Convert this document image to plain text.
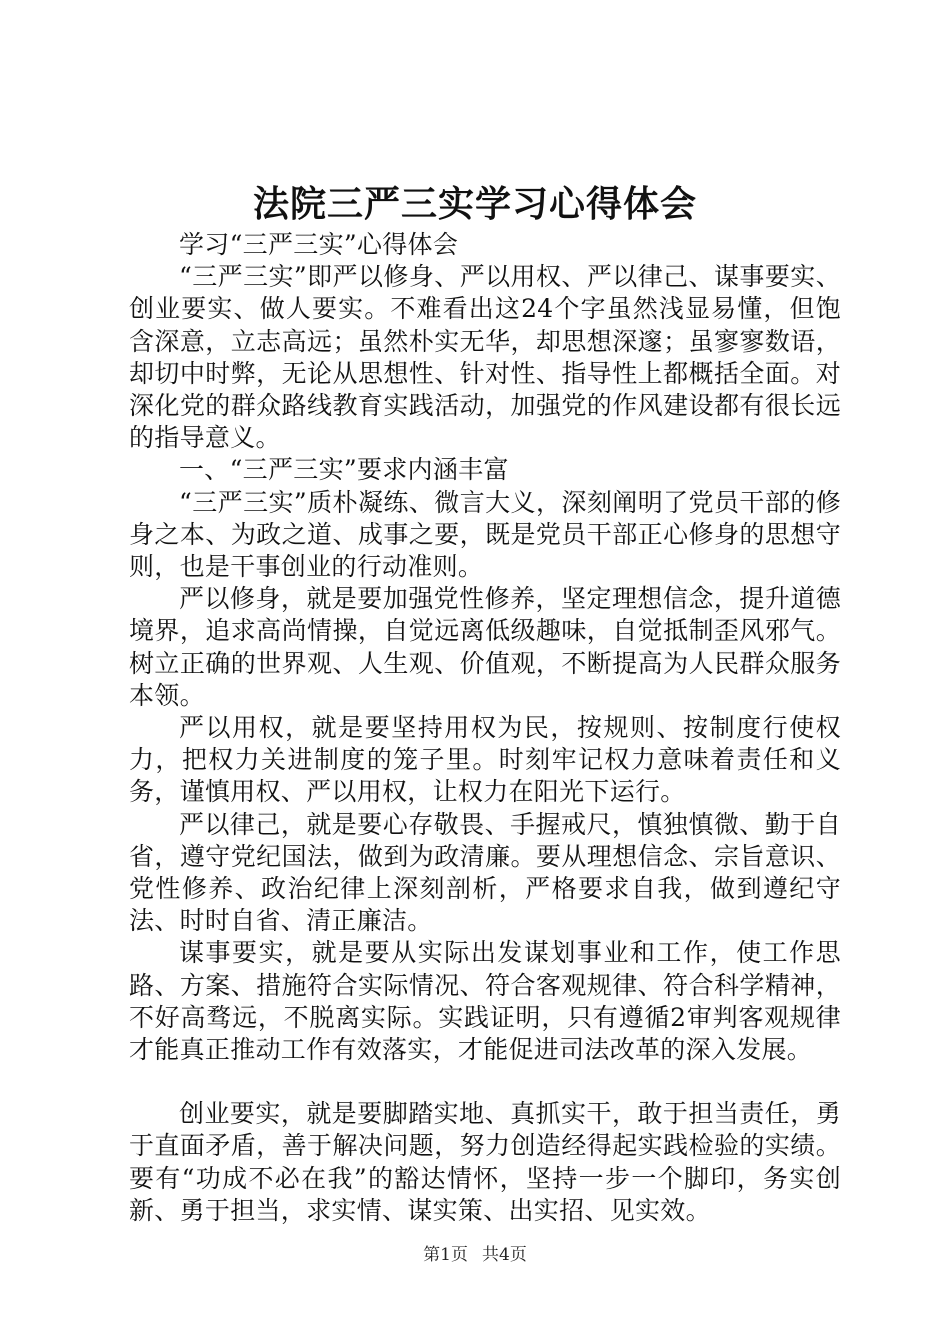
法院三严三实学习心得体会

学习“三严三实”心得体会

“三严三实”即严以修身、严以用权、严以律己、谋事要实、创业要实、做人要实。不难看出这24个字虽然浅显易懂，但饱含深意，立志高远；虽然朴实无华，却思想深邃；虽寥寥数语，却切中时弊，无论从思想性、针对性、指导性上都概括全面。对深化党的群众路线教育实践活动，加强党的作风建设都有很长远的指导意义。

一、“三严三实”要求内涵丰富

“三严三实”质朴凝练、微言大义，深刻阐明了党员干部的修身之本、为政之道、成事之要，既是党员干部正心修身的思想守则，也是干事创业的行动准则。

严以修身，就是要加强党性修养，坚定理想信念，提升道德境界，追求高尚情操，自觉远离低级趣味，自觉抵制歪风邪气。树立正确的世界观、人生观、价值观，不断提高为人民群众服务本领。

严以用权，就是要坚持用权为民，按规则、按制度行使权力，把权力关进制度的笼子里。时刻牢记权力意味着责任和义务，谨慎用权、严以用权，让权力在阳光下运行。

严以律己，就是要心存敬畏、手握戒尺，慎独慎微、勤于自省，遵守党纪国法，做到为政清廉。要从理想信念、宗旨意识、党性修养、政治纪律上深刻剖析，严格要求自我，做到遵纪守法、时时自省、清正廉洁。

谋事要实，就是要从实际出发谋划事业和工作，使工作思路、方案、措施符合实际情况、符合客观规律、符合科学精神，不好高骛远，不脱离实际。实践证明，只有遵循2审判客观规律才能真正推动工作有效落实，才能促进司法改革的深入发展。

创业要实，就是要脚踏实地、真抓实干，敢于担当责任，勇于直面矛盾，善于解决问题，努力创造经得起实践检验的实绩。要有“功成不必在我”的豁达情怀，坚持一步一个脚印，务实创新、勇于担当，求实情、谋实策、出实招、见实效。

第1页 共4页
